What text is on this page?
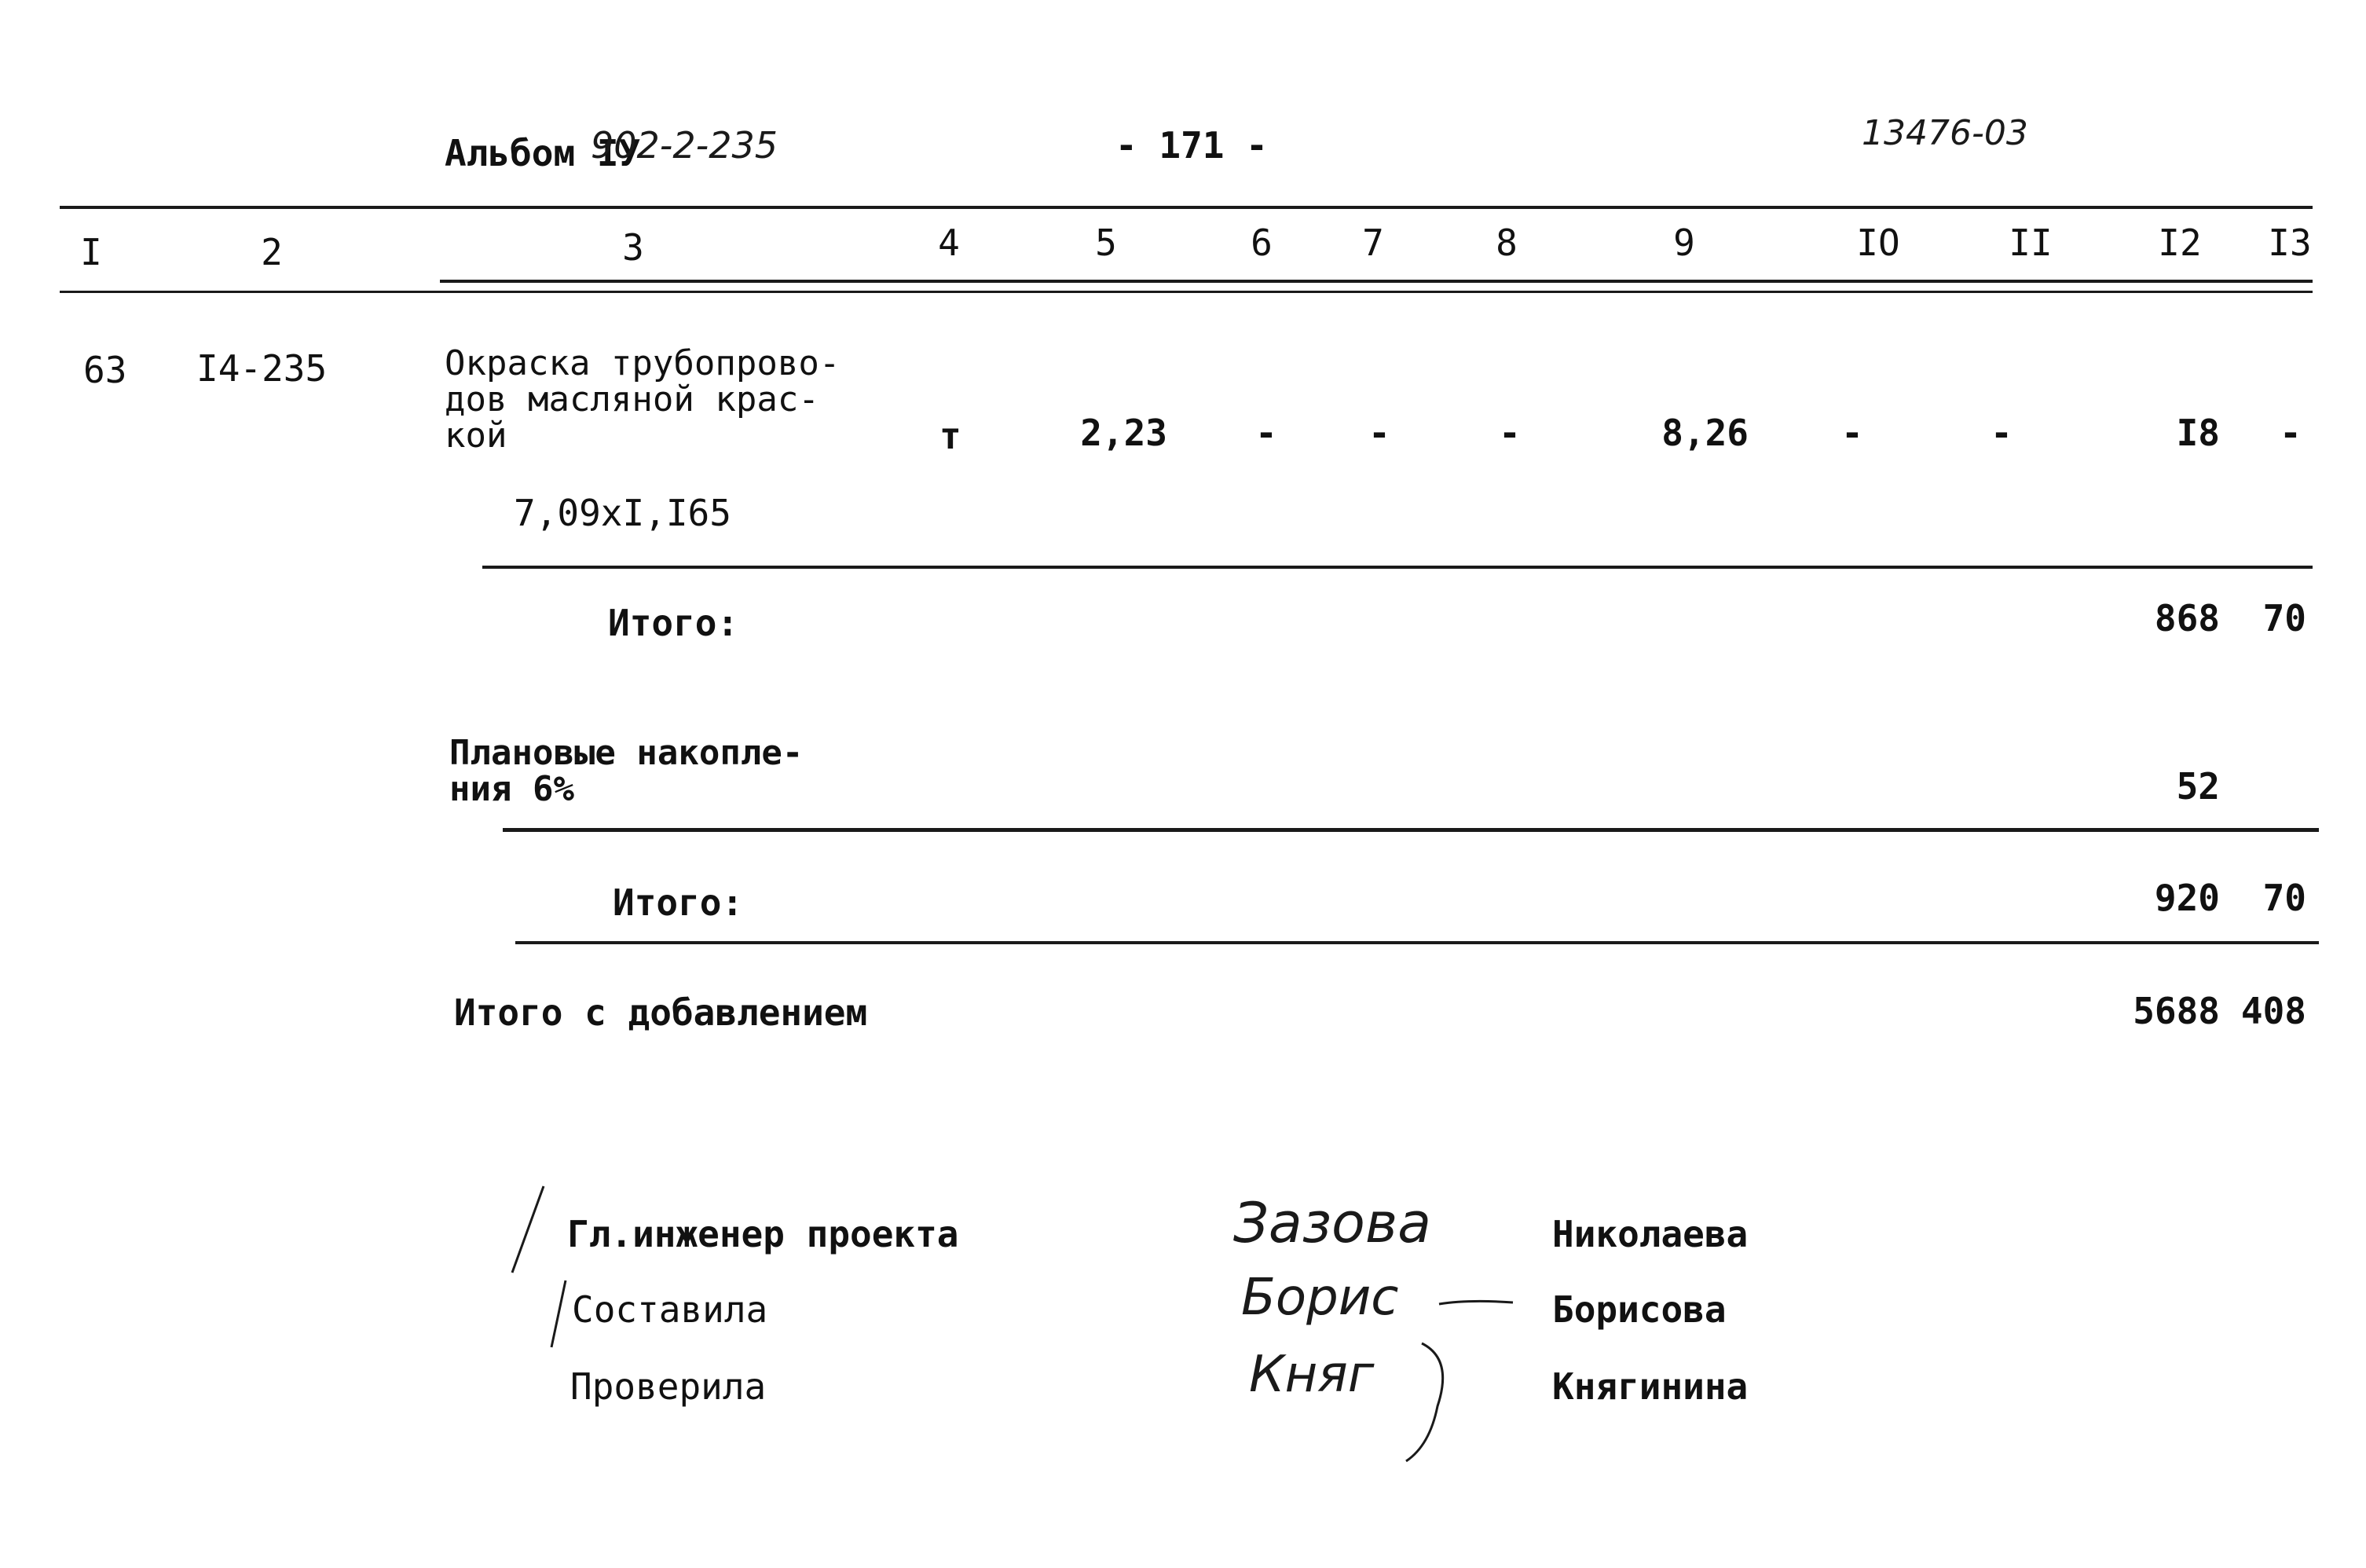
Альбом IУ
902-2-235	- 171 -	13476-03
I	2	3	4	5	6 7	8	9	IO	II	I2 I3
63 I4-235	Окраска трубопрово-
дов масляной крас-
кой	т	2,23 -	-	-	8,26	-	-	I8 -
7,09xI,I65
Итого:	868	70
Плановые накопле-
ния 6%	52
Итого:	920	70
Итого с добавлением	5688 408
Гл.инженер проекта	Зазова	Николаева
Составила	Борис	Борисова
Проверила	Княг	Княгинина
